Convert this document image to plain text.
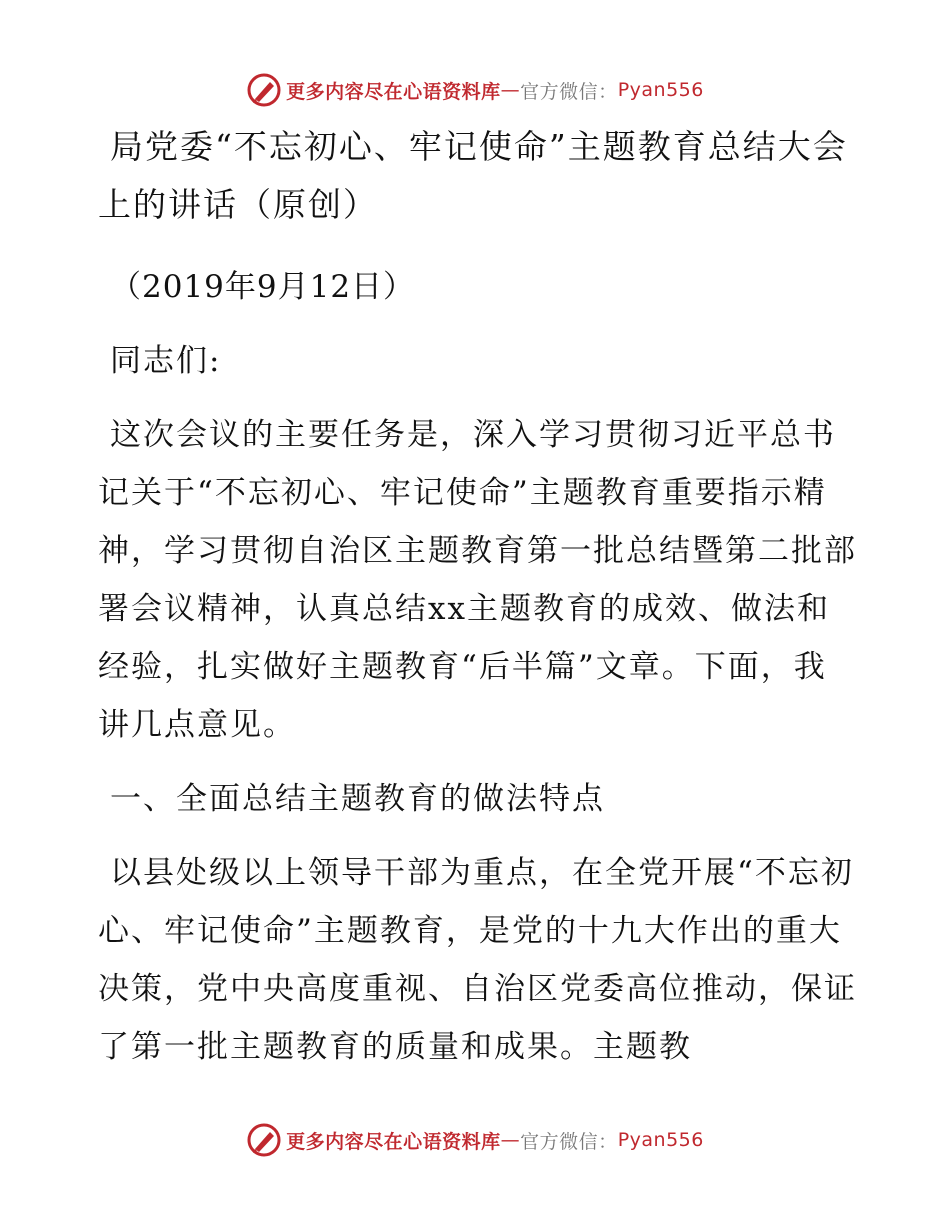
更多内容尽在心语资料库 — 官方微信： Pyan556
局党委“不忘初心、牢记使命”主题教育总结大会上的讲话（原创）

（2019年9月12日）

同志们:

这次会议的主要任务是，深入学习贯彻习近平总书记关于“不忘初心、牢记使命”主题教育重要指示精神，学习贯彻自治区主题教育第一批总结暨第二批部署会议精神，认真总结xx主题教育的成效、做法和经验，扎实做好主题教育“后半篇”文章。下面，我讲几点意见。

一、全面总结主题教育的做法特点

以县处级以上领导干部为重点，在全党开展“不忘初心、牢记使命”主题教育，是党的十九大作出的重大决策，党中央高度重视、自治区党委高位推动，保证了第一批主题教育的质量和成果。主题教

更多内容尽在心语资料库 — 官方微信： Pyan556
